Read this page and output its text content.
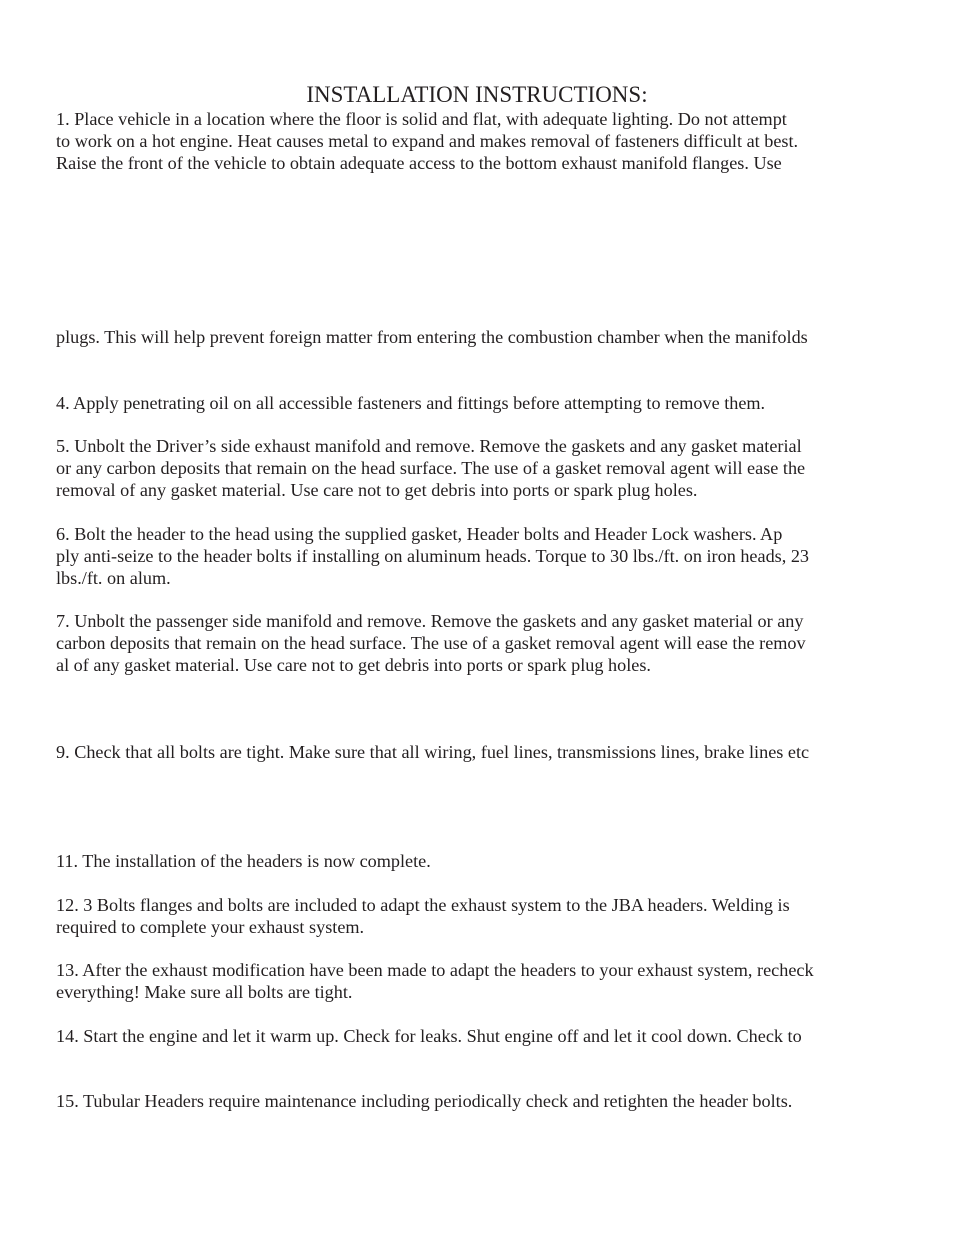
INSTALLATION INSTRUCTIONS:
1. Place vehicle in a location where the floor is solid and flat, with adequate lighting. Do not attempt
to work on a hot engine. Heat causes metal to expand and makes removal of fasteners difficult at best.
Raise the front of the vehicle to obtain adequate access to the bottom exhaust manifold flanges. Use
plugs. This will help prevent foreign matter from entering the combustion chamber when the manifolds
4. Apply penetrating oil on all accessible fasteners and fittings before attempting to remove them.
5. Unbolt the Driver’s side exhaust manifold and remove. Remove the gaskets and any gasket material
or any carbon deposits that remain on the head surface. The use of a gasket removal agent will ease the
removal of any gasket material. Use care not to get debris into ports or spark plug holes.
6. Bolt the header to the head using the supplied gasket, Header bolts and Header Lock washers. Ap
ply anti-seize to the header bolts if installing on aluminum heads. Torque to 30 lbs./ft. on iron heads, 23
lbs./ft. on alum.
7. Unbolt the passenger side manifold and remove. Remove the gaskets and any gasket material or any
carbon deposits that remain on the head surface. The use of a gasket removal agent will ease the remov
al of any gasket material. Use care not to get debris into ports or spark plug holes.
9. Check that all bolts are tight. Make sure that all wiring, fuel lines, transmissions lines, brake lines etc
11. The installation of the headers is now complete.
12. 3 Bolts flanges and bolts are included to adapt the exhaust system to the JBA headers. Welding is
required to complete your exhaust system.
13. After the exhaust modification have been made to adapt the headers to your exhaust system, recheck
everything! Make sure all bolts are tight.
14. Start the engine and let it warm up. Check for leaks. Shut engine off and let it cool down. Check to
15. Tubular Headers require maintenance including periodically check and retighten the header bolts.
